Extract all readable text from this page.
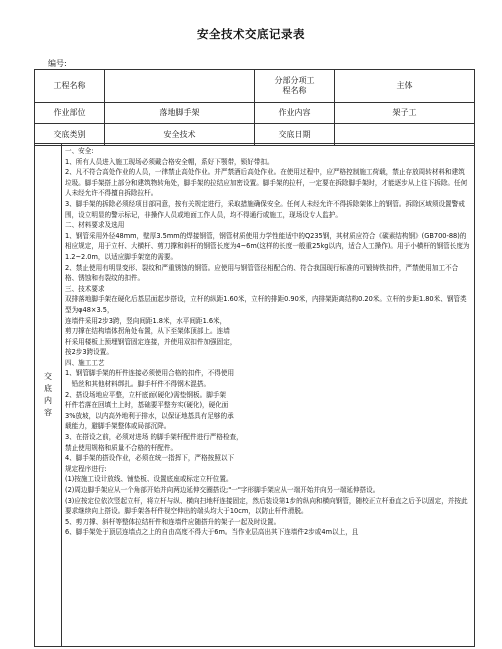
安全技术交底记录表
编号:
工程名称		分部分项工程名称	主体
作业部位	落地脚手架	作业内容	架子工
交底类别	安全技术	交底日期	
交底内容	

一、安全:

1、所有人员进入施工现场必须戴合格安全帽，系好下颚带，锁好带扣。

2、凡不符合高处作业的人员，一律禁止高处作业。并严禁酒后高处作业。在使用过程中，应严格控制施工荷载，禁止存放周转材料和建筑垃圾。脚手架搭上部分和建筑物转角处，脚手架的拉结应加密设置。脚手架的拉杆，一定要在拆除脚手架时，才能逐步从上往下拆除。任何人未经允许不得擅自拆除拉杆。

3、脚手架的拆除必须经项目部同意，按有关规定进行，采取措施确保安全。任何人未经允许不得拆除架体上的钢管。拆除区域须设置警戒围，设立明显的警示标记，非操作人员或地面工作人员，均不得通行或施工，现场设专人监护。

二、材料要求及选用

1、钢管采用外径48mm，壁厚3.5mm的焊接钢管，钢管材质使用力学性能适中的Q235钢，其材质应符合《碳素结构钢》(GB700-88)的相应规定，用于立杆、大横杆、剪刀撑和斜杆的钢管长度为4~6m(这样的长度一般重25kg以内，适合人工操作)。用于小横杆的钢管长度为1.2~2.0m，以适应脚手架宽的需要。

2、禁止使用有明显变形、裂纹和严重锈蚀的钢管。应使用与钢管管径相配合的、符合我国现行标准的可锻铸铁扣件，严禁使用加工不合格、锈蚀和有裂纹的扣件。

三、技术要求

双排落地脚手架在硬化后基层面起步搭设，立杆的纵距1.60米，立杆的排距0.90米，内排架距离结构0.20米。立杆的步距1.80米、钢管类型为φ48×3.5，

连墙件采用2步3跨，竖向间距1.8米，水平间距1.6米，

剪刀撑在结构墙体拐角处布置，从下至架体顶部上。连墙

杆采用楼板上预埋钢管固定连接，并使用双扣件加强固定，

按2步3跨设置。

四、施工工艺

1、钢管脚手架的杆件连接必须使用合格的扣件，不得使用

　铅丝和其他材料绑扎。脚手杆件不得钢木混搭。

2、搭设场地应平整，立杆底面(硬化)需垫钢板。脚手架

杆件若落在回填土上时，基础要平整夯实(硬化)，硬化面

3%放坡，以内高外地利于排水，以保证地基具有足够的承

载能力，避脚手架整体或局部沉降。

3、在搭设之前，必须对进场 的脚手架杆配件进行严格检查，

禁止使用规格和质量不合格的杆配件。

4、脚手架的搭设作业，必须在统一指挥下，严格按照以下

规定程序进行:

(1)按施工设计放线、铺垫板、设置底座或标定立杆位置。

(2)周边脚手架应从一个角部开始并向两边延伸交圈搭设;"一"字形脚手架应从一端开始并向另一端延伸搭设。

(3)应按定位依次竖起立杆，将立杆与纵、横向扫地杆连接固定，然后装设第1步的纵向和横向钢管，随校正立杆垂直之后予以固定，并按此要求继续向上搭设。脚手架各杆件视空伸出的端头均大于10cm，以防止杆件滑脱。

5、剪刀撑、斜杆等整体拉结杆件和连墙件应随搭升的架子一起及时设置。

6、脚手架处于顶层连墙点之上的自由高度不得大于6m。当作业层高出其下连墙件2步或4m以上，且
